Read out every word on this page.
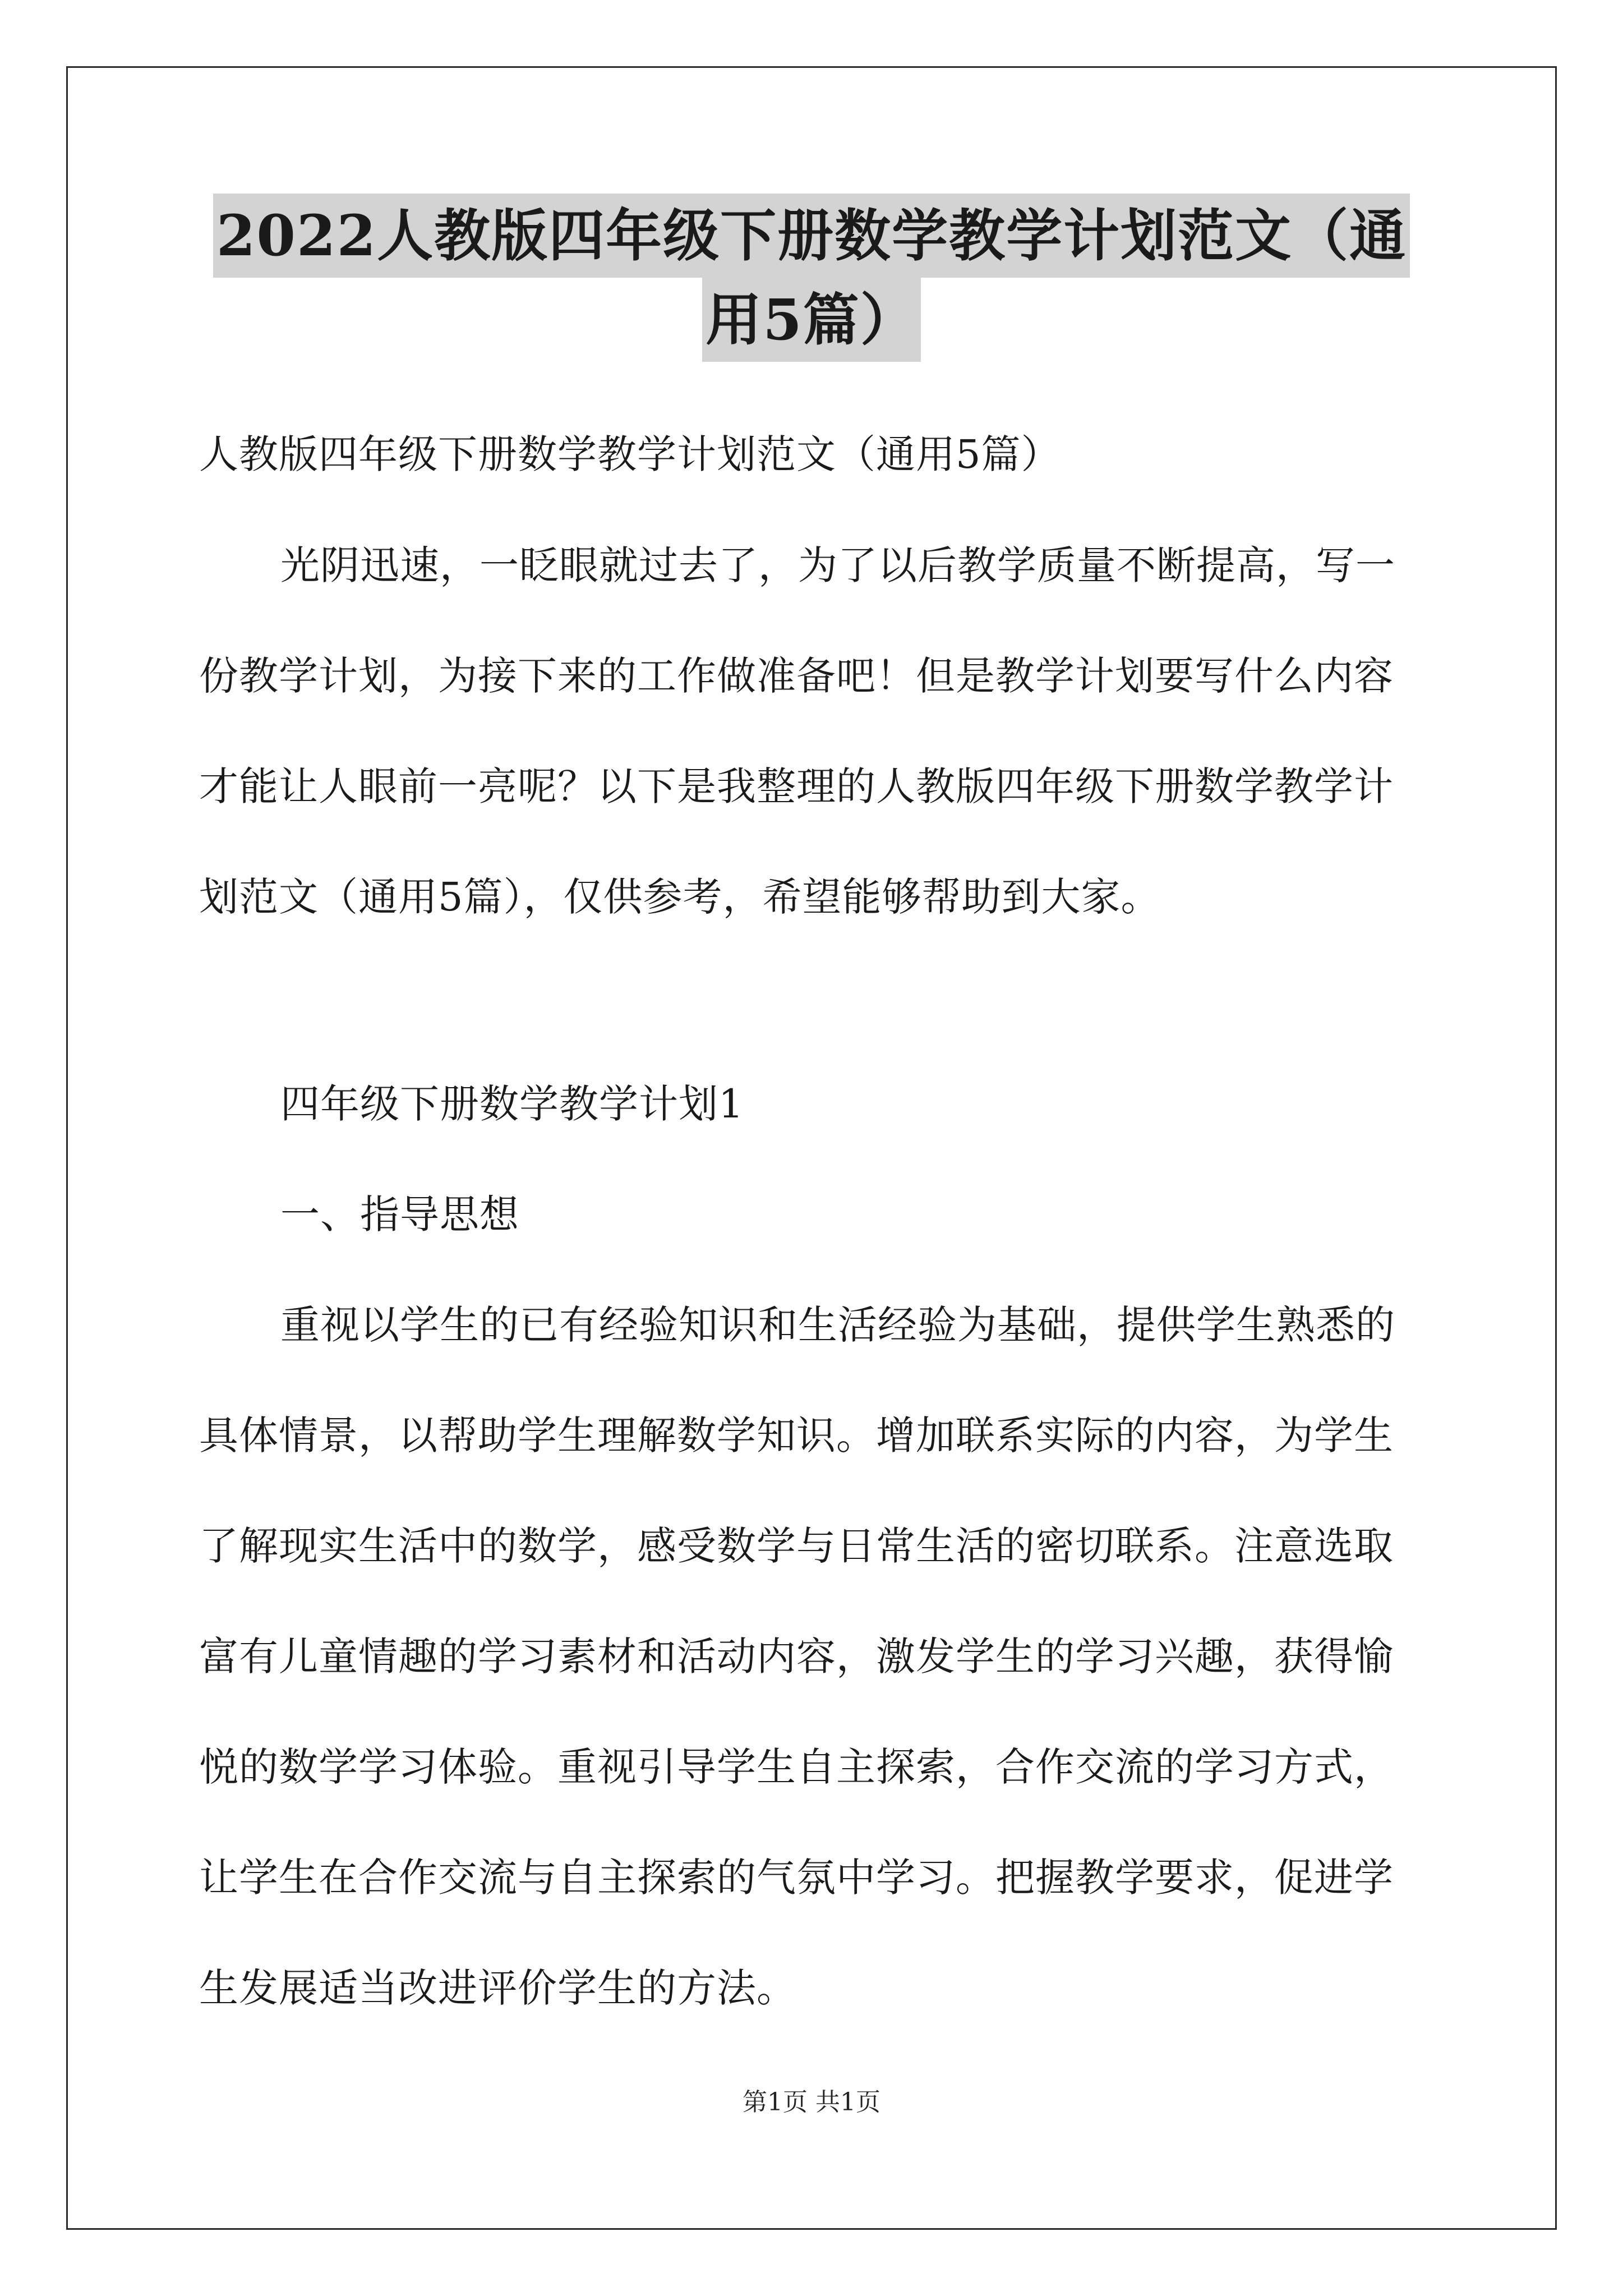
2022人教版四年级下册数学教学计划范文（通
用5篇）
人教版四年级下册数学教学计划范文（通用5篇）
光阴迅速，一眨眼就过去了，为了以后教学质量不断提高，写一
份教学计划，为接下来的工作做准备吧！但是教学计划要写什么内容
才能让人眼前一亮呢？以下是我整理的人教版四年级下册数学教学计
划范文（通用5篇），仅供参考，希望能够帮助到大家。
四年级下册数学教学计划1
一、指导思想
重视以学生的已有经验知识和生活经验为基础，提供学生熟悉的
具体情景，以帮助学生理解数学知识。增加联系实际的内容，为学生
了解现实生活中的数学，感受数学与日常生活的密切联系。注意选取
富有儿童情趣的学习素材和活动内容，激发学生的学习兴趣，获得愉
悦的数学学习体验。重视引导学生自主探索，合作交流的学习方式，
让学生在合作交流与自主探索的气氛中学习。把握教学要求，促进学
生发展适当改进评价学生的方法。
第1页 共1页
